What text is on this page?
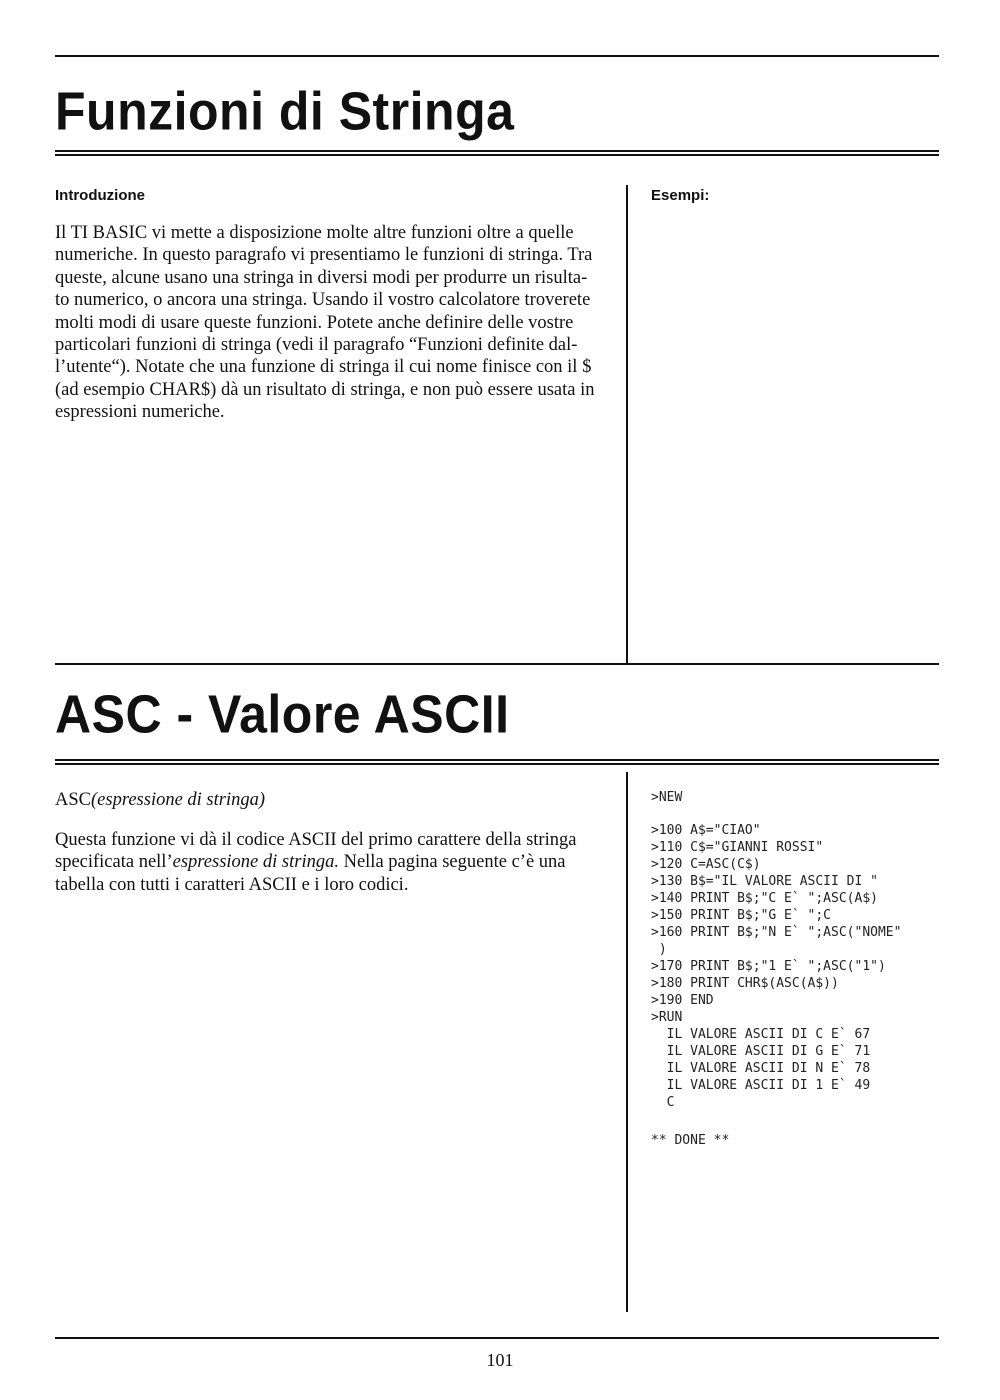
Funzioni di Stringa
Introduzione	Esempi:
Il TI BASIC vi mette a disposizione molte altre funzioni oltre a quelle
numeriche. In questo paragrafo vi presentiamo le funzioni di stringa. Tra
queste, alcune usano una stringa in diversi modi per produrre un risulta-
to numerico, o ancora una stringa. Usando il vostro calcolatore troverete
molti modi di usare queste funzioni. Potete anche definire delle vostre
particolari funzioni di stringa (vedi il paragrafo “Funzioni definite dal-
l’utente“). Notate che una funzione di stringa il cui nome finisce con il $
(ad esempio CHAR$) dà un risultato di stringa, e non può essere usata in
espressioni numeriche.
ASC - Valore ASCII
ASC(espressione di stringa)
Questa funzione vi dà il codice ASCII del primo carattere della stringa
specificata nell’espressione di stringa. Nella pagina seguente c’è una
tabella con tutti i caratteri ASCII e i loro codici.
>NEW
>100 A$="CIAO"
>110 C$="GIANNI ROSSI"
>120 C=ASC(C$)
>130 B$="IL VALORE ASCII DI "
>140 PRINT B$;"C E` ";ASC(A$)
>150 PRINT B$;"G E` ";C
>160 PRINT B$;"N E` ";ASC("NOME"
)
>170 PRINT B$;"1 E` ";ASC("1")
>180 PRINT CHR$(ASC(A$))
>190 END
>RUN
IL VALORE ASCII DI C E` 67
IL VALORE ASCII DI G E` 71
IL VALORE ASCII DI N E` 78
IL VALORE ASCII DI 1 E` 49
C
** DONE **
101
